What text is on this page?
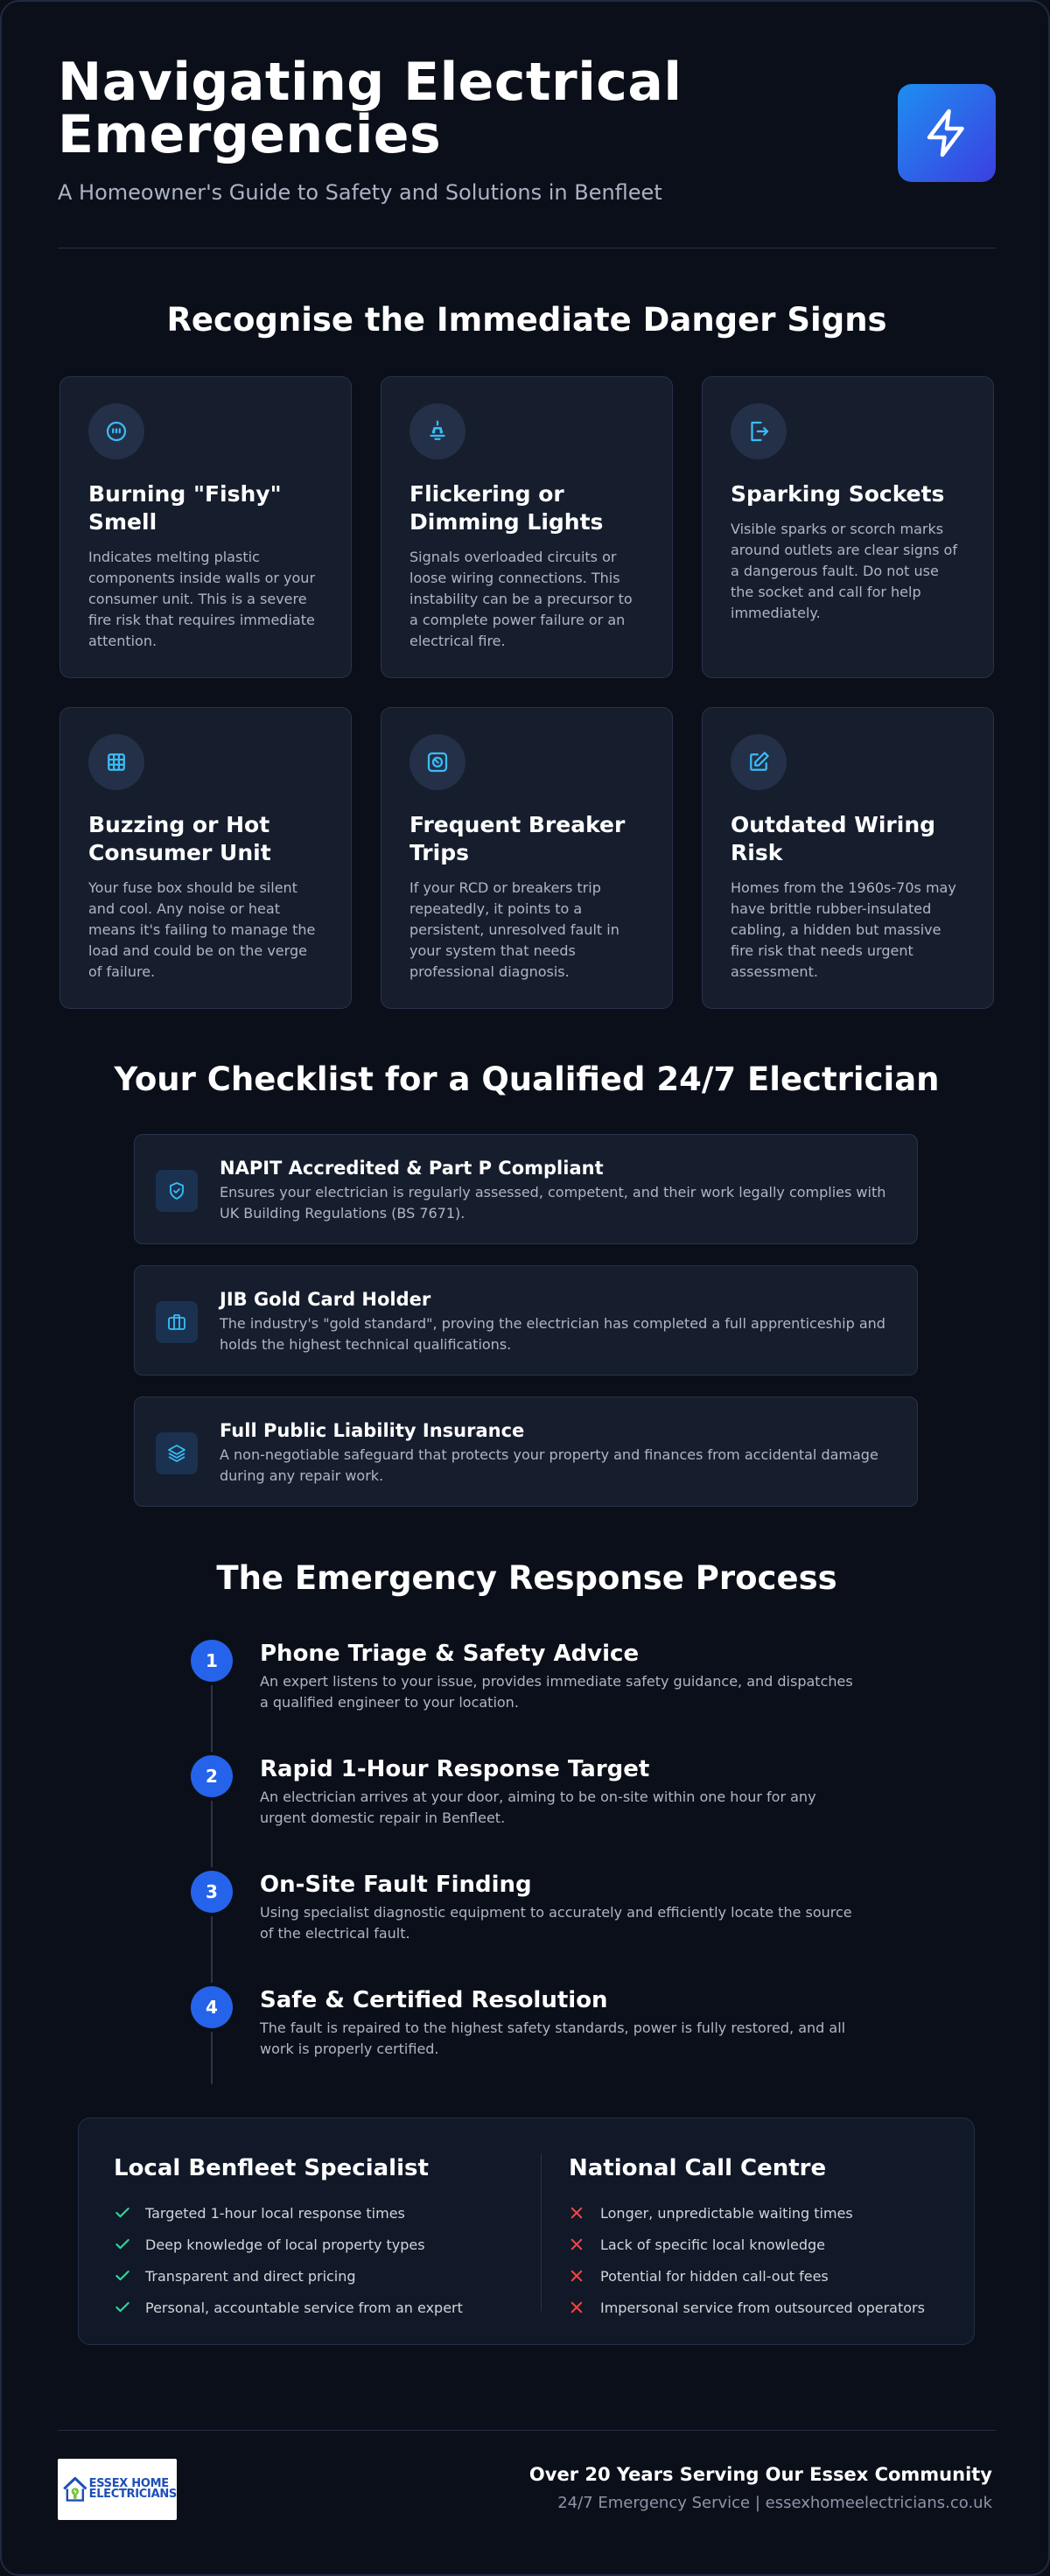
Navigating Electrical Emergencies

A Homeowner's Guide to Safety and Solutions in Benfleet

Recognise the Immediate Danger Signs
Burning "Fishy" Smell

Indicates melting plastic components inside walls or your consumer unit. This is a severe fire risk that requires immediate attention.

Flickering or Dimming Lights

Signals overloaded circuits or loose wiring connections. This instability can be a precursor to a complete power failure or an electrical fire.

Sparking Sockets

Visible sparks or scorch marks around outlets are clear signs of a dangerous fault. Do not use the socket and call for help immediately.

Buzzing or Hot Consumer Unit

Your fuse box should be silent and cool. Any noise or heat means it's failing to manage the load and could be on the verge of failure.

Frequent Breaker Trips

If your RCD or breakers trip repeatedly, it points to a persistent, unresolved fault in your system that needs professional diagnosis.

Outdated Wiring Risk

Homes from the 1960s-70s may have brittle rubber-insulated cabling, a hidden but massive fire risk that needs urgent assessment.

Your Checklist for a Qualified 24/7 Electrician
NAPIT Accredited & Part P Compliant
Ensures your electrician is regularly assessed, competent, and their work legally complies with UK Building Regulations (BS 7671).
JIB Gold Card Holder
The industry's "gold standard", proving the electrician has completed a full apprenticeship and holds the highest technical qualifications.
Full Public Liability Insurance
A non-negotiable safeguard that protects your property and finances from accidental damage during any repair work.
The Emergency Response Process
1	Phone Triage & Safety Advice
An expert listens to your issue, provides immediate safety guidance, and dispatches a qualified engineer to your location.
2	Rapid 1-Hour Response Target
An electrician arrives at your door, aiming to be on-site within one hour for any urgent domestic repair in Benfleet.
3	On-Site Fault Finding
Using specialist diagnostic equipment to accurately and efficiently locate the source of the electrical fault.
4	Safe & Certified Resolution
The fault is repaired to the highest safety standards, power is fully restored, and all work is properly certified.
Local Benfleet Specialist
Targeted 1-hour local response times
Deep knowledge of local property types
Transparent and direct pricing
Personal, accountable service from an expert
National Call Centre
Longer, unpredictable waiting times
Lack of specific local knowledge
Potential for hidden call-out fees
Impersonal service from outsourced operators
ESSEX HOME
ELECTRICIANS
Over 20 Years Serving Our Essex Community
24/7 Emergency Service | essexhomeelectricians.co.uk
